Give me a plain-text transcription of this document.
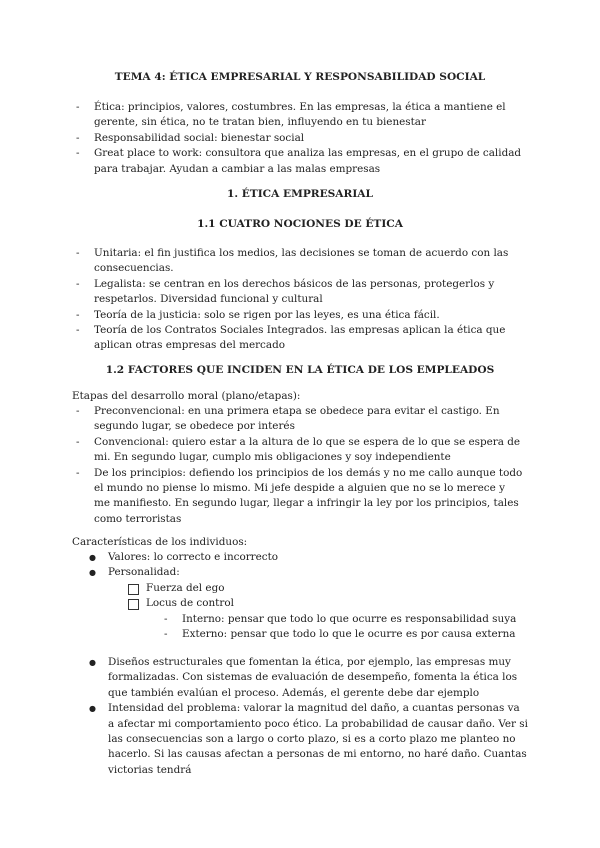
TEMA 4: ÉTICA EMPRESARIAL Y RESPONSABILIDAD SOCIAL
- Ética: principios, valores, costumbres. En las empresas, la ética a mantiene el gerente, sin ética, no te tratan bien, influyendo en tu bienestar
- Responsabilidad social: bienestar social
- Great place to work: consultora que analiza las empresas, en el grupo de calidad para trabajar. Ayudan a cambiar a las malas empresas
1. ÉTICA EMPRESARIAL
1.1 CUATRO NOCIONES DE ÉTICA
- Unitaria: el fin justifica los medios, las decisiones se toman de acuerdo con las consecuencias.
- Legalista: se centran en los derechos básicos de las personas, protegerlos y respetarlos. Diversidad funcional y cultural
- Teoría de la justicia: solo se rigen por las leyes, es una ética fácil.
- Teoría de los Contratos Sociales Integrados. las empresas aplican la ética que aplican otras empresas del mercado
1.2 FACTORES QUE INCIDEN EN LA ÉTICA DE LOS EMPLEADOS
Etapas del desarrollo moral (plano/etapas):
- Preconvencional: en una primera etapa se obedece para evitar el castigo. En segundo lugar, se obedece por interés
- Convencional: quiero estar a la altura de lo que se espera de lo que se espera de mi. En segundo lugar, cumplo mis obligaciones y soy independiente
- De los principios: defiendo los principios de los demás y no me callo aunque todo el mundo no piense lo mismo. Mi jefe despide a alguien que no se lo merece y me manifiesto. En segundo lugar, llegar a infringir la ley por los principios, tales como terroristas
Características de los individuos:
● Valores: lo correcto e incorrecto
● Personalidad:
Fuerza del ego
Locus de control
- Interno: pensar que todo lo que ocurre es responsabilidad suya
- Externo: pensar que todo lo que le ocurre es por causa externa
● Diseños estructurales que fomentan la ética, por ejemplo, las empresas muy formalizadas. Con sistemas de evaluación de desempeño, fomenta la ética los que también evalúan el proceso. Además, el gerente debe dar ejemplo
● Intensidad del problema: valorar la magnitud del daño, a cuantas personas va a afectar mi comportamiento poco ético. La probabilidad de causar daño. Ver si las consecuencias son a largo o corto plazo, si es a corto plazo me planteo no hacerlo. Si las causas afectan a personas de mi entorno, no haré daño. Cuantas victorias tendrá
